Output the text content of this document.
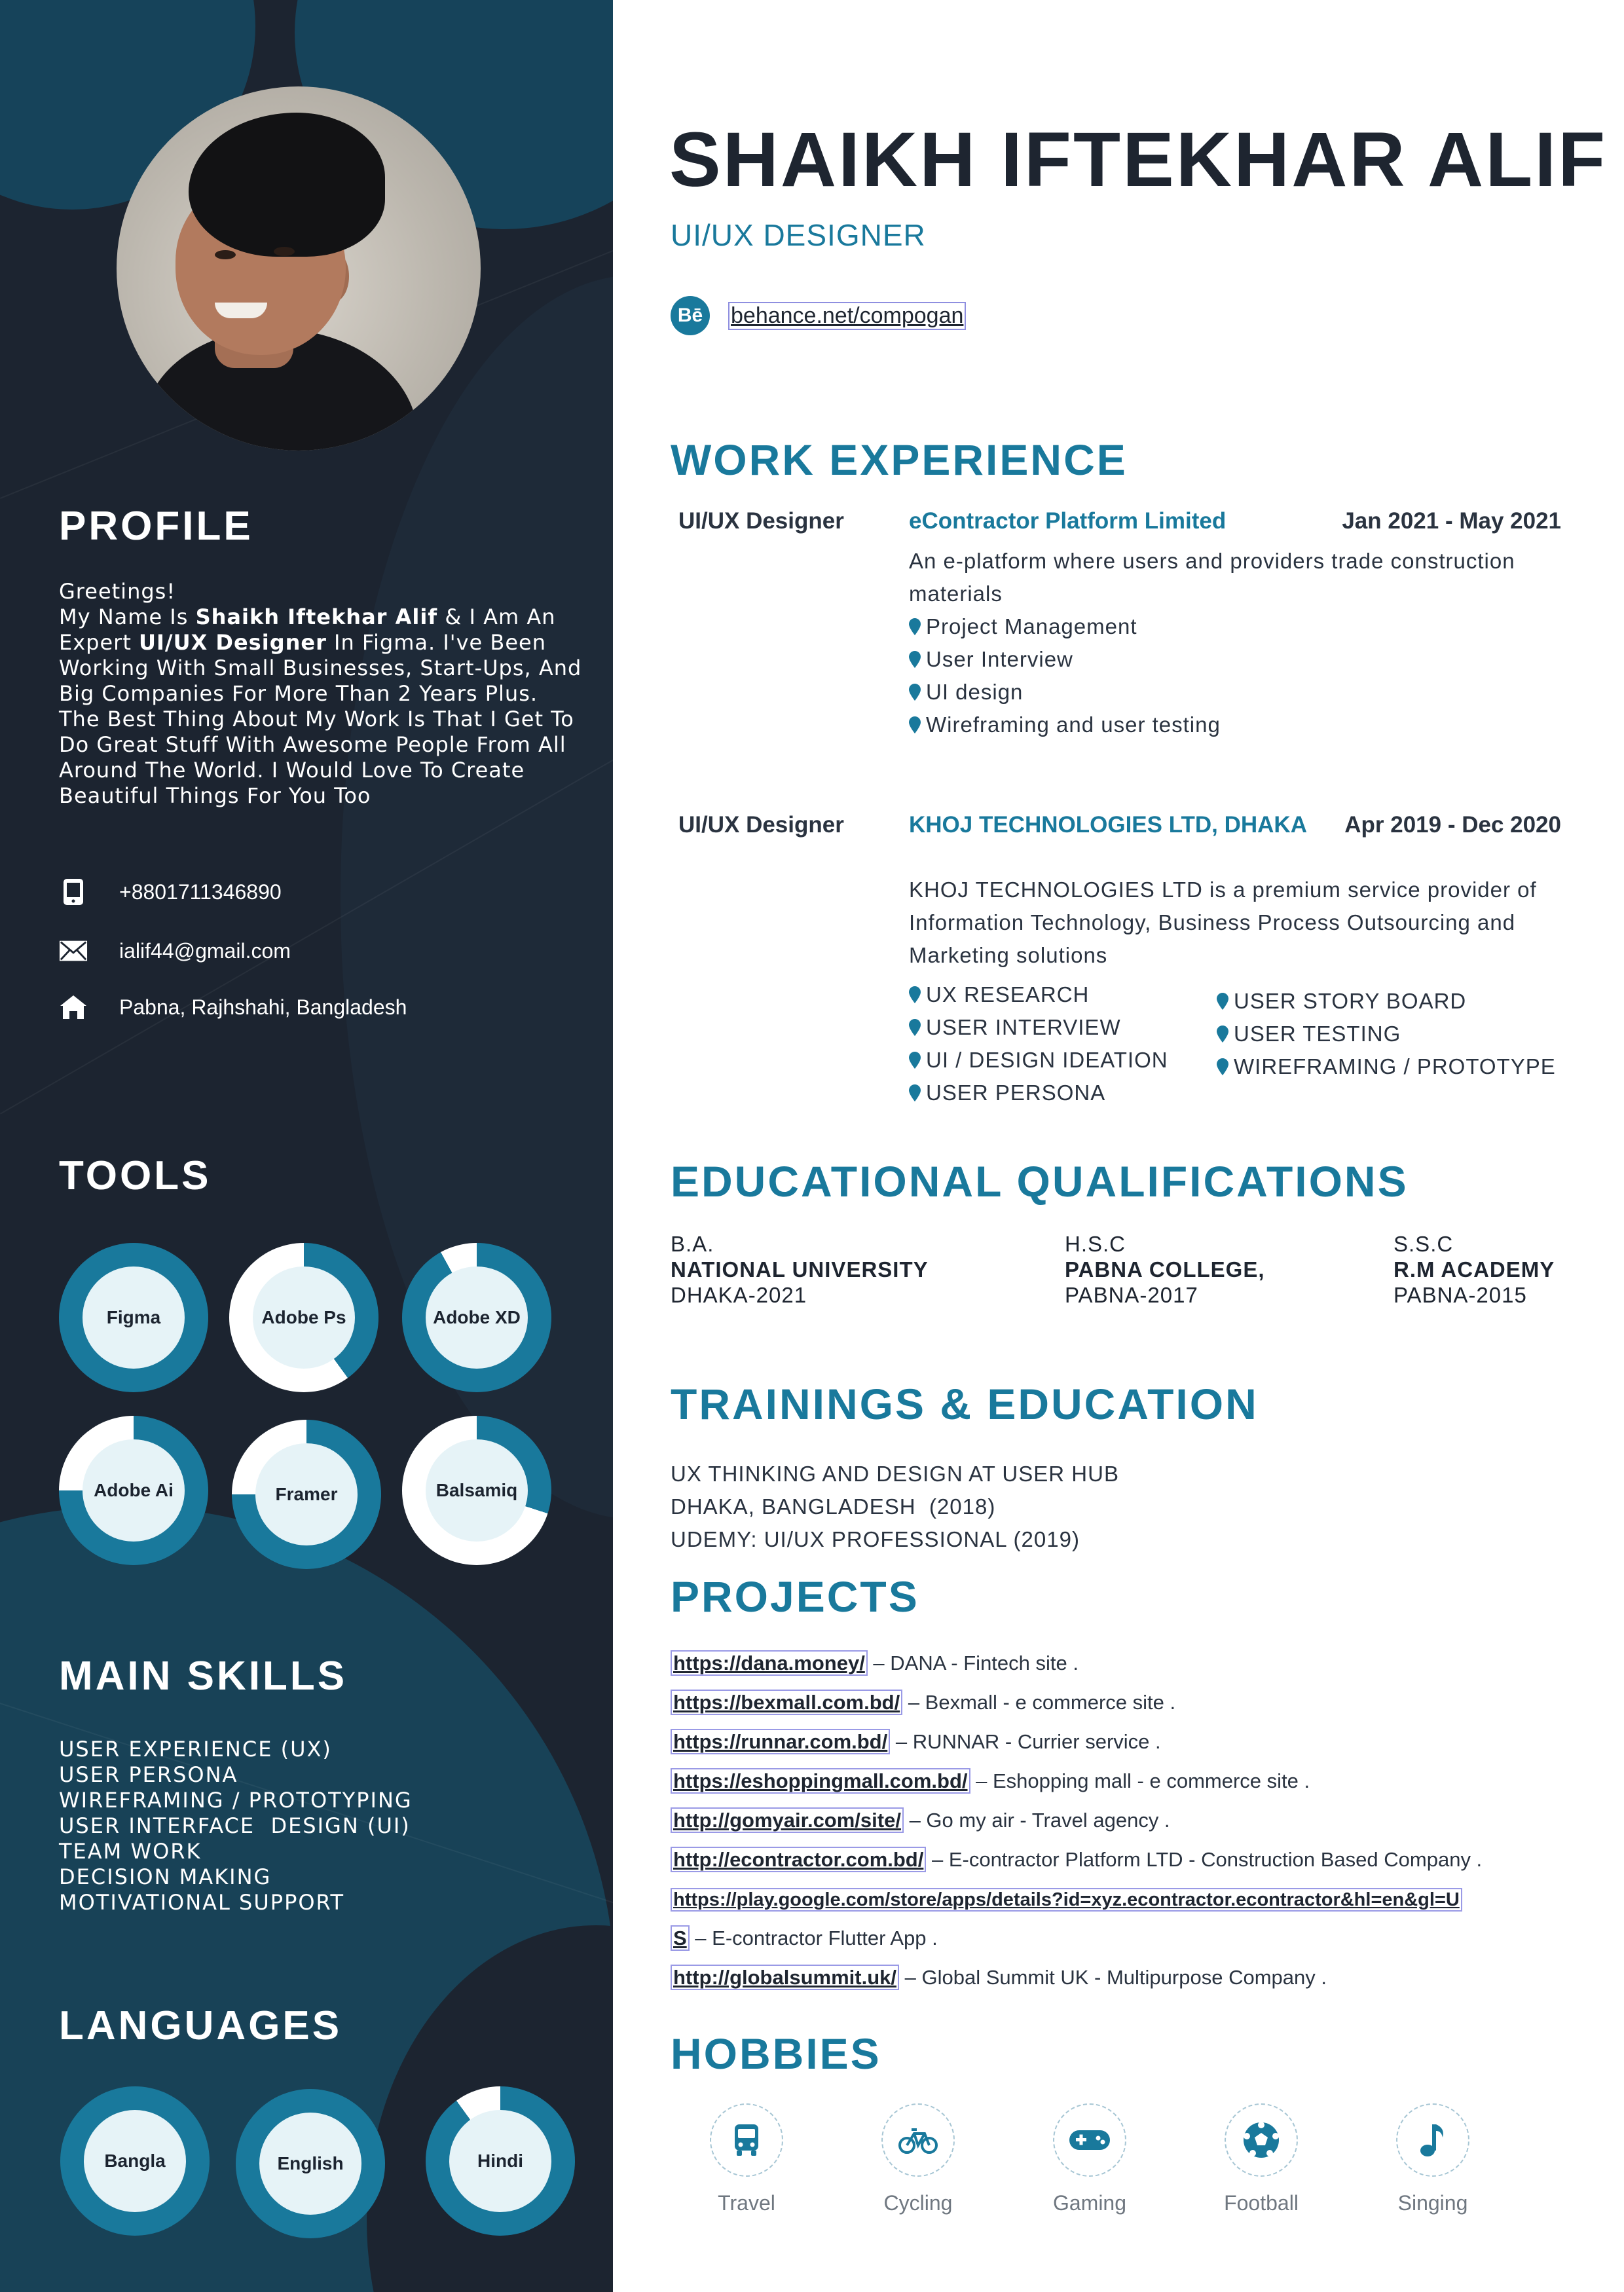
PROFILE
Greetings!
My Name Is Shaikh Iftekhar Alif & I Am An Expert UI/UX Designer In Figma. I've Been Working With Small Businesses, Start-Ups, And Big Companies For More Than 2 Years Plus. The Best Thing About My Work Is That I Get To Do Great Stuff With Awesome People From All Around The World. I Would Love To Create Beautiful Things For You Too
+8801711346890
ialif44@gmail.com
Pabna, Rajhshahi, Bangladesh
TOOLS
Figma	Adobe Ps	Adobe XD
Adobe Ai	Framer	Balsamiq
MAIN SKILLS
USER EXPERIENCE (UX)
USER PERSONA
WIREFRAMING / PROTOTYPING
USER INTERFACE  DESIGN (UI)
TEAM WORK
DECISION MAKING
MOTIVATIONAL SUPPORT
LANGUAGES
Bangla	English	Hindi
SHAIKH IFTEKHAR ALIF
UI/UX DESIGNER
Bē	behance.net/compogan
WORK EXPERIENCE
UI/UX Designer	eContractor Platform Limited	Jan 2021 - May 2021
An e-platform where users and providers trade construction materials
Project Management
User Interview
UI design
Wireframing and user testing
UI/UX Designer	KHOJ TECHNOLOGIES LTD, DHAKA Apr 2019 - Dec 2020
KHOJ TECHNOLOGIES LTD is a premium service provider of Information Technology, Business Process Outsourcing and Marketing solutions
UX RESEARCH
USER INTERVIEW
UI / DESIGN IDEATION
USER PERSONA
USER STORY BOARD
USER TESTING
WIREFRAMING / PROTOTYPE
EDUCATIONAL QUALIFICATIONS
B.A.
NATIONAL UNIVERSITY
DHAKA-2021
H.S.C
PABNA COLLEGE,
PABNA-2017
S.S.C
R.M ACADEMY
PABNA-2015
TRAININGS & EDUCATION
UX THINKING AND DESIGN AT USER HUB
DHAKA, BANGLADESH  (2018)
UDEMY: UI/UX PROFESSIONAL (2019)
PROJECTS
https://dana.money/ – DANA - Fintech site .
https://bexmall.com.bd/ – Bexmall - e commerce site .
https://runnar.com.bd/ – RUNNAR - Currier service .
https://eshoppingmall.com.bd/ – Eshopping mall - e commerce site .
http://gomyair.com/site/ – Go my air - Travel agency .
http://econtractor.com.bd/ – E-contractor Platform LTD - Construction Based Company .
https://play.google.com/store/apps/details?id=xyz.econtractor.econtractor&hl=en&gl=U
S – E-contractor Flutter App .
http://globalsummit.uk/ – Global Summit UK - Multipurpose Company .
HOBBIES
Travel	Cycling	Gaming	Football	Singing
